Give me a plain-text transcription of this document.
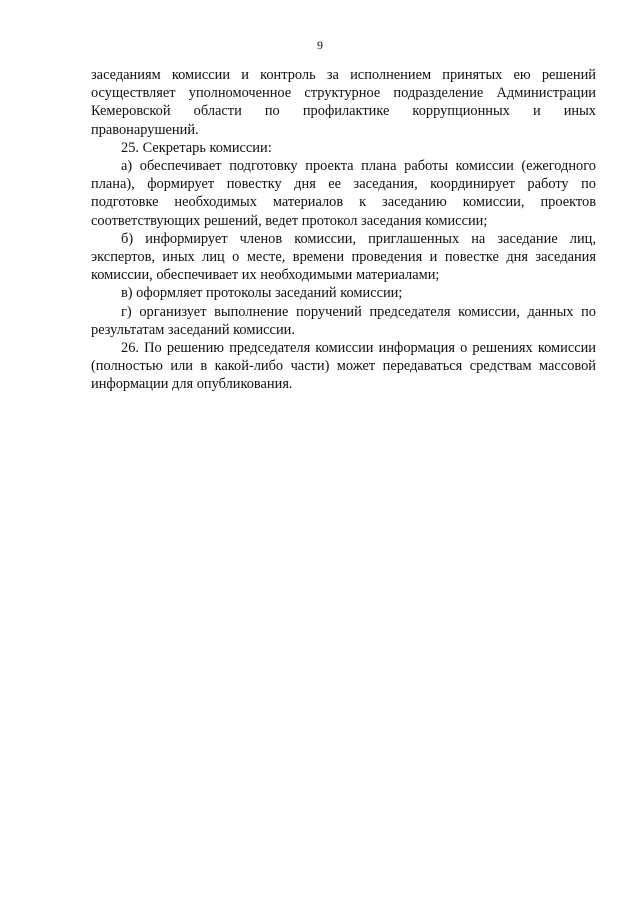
9

заседаниям комиссии и контроль за исполнением принятых ею решений осуществляет уполномоченное структурное подразделение Администрации Кемеровской области по профилактике коррупционных и иных

правонарушений.

25. Секретарь комиссии:

а) обеспечивает подготовку проекта плана работы комиссии (ежегодного плана), формирует повестку дня ее заседания, координирует работу по подготовке необходимых материалов к заседанию комиссии, проектов соответствующих решений, ведет протокол заседания комиссии;

б) информирует членов комиссии, приглашенных на заседание лиц, экспертов, иных лиц о месте, времени проведения и повестке дня заседания комиссии, обеспечивает их необходимыми материалами;

в) оформляет протоколы заседаний комиссии;

г) организует выполнение поручений председателя комиссии, данных по результатам заседаний комиссии.

26. По решению председателя комиссии информация о решениях комиссии (полностью или в какой-либо части) может передаваться средствам массовой информации для опубликования.
